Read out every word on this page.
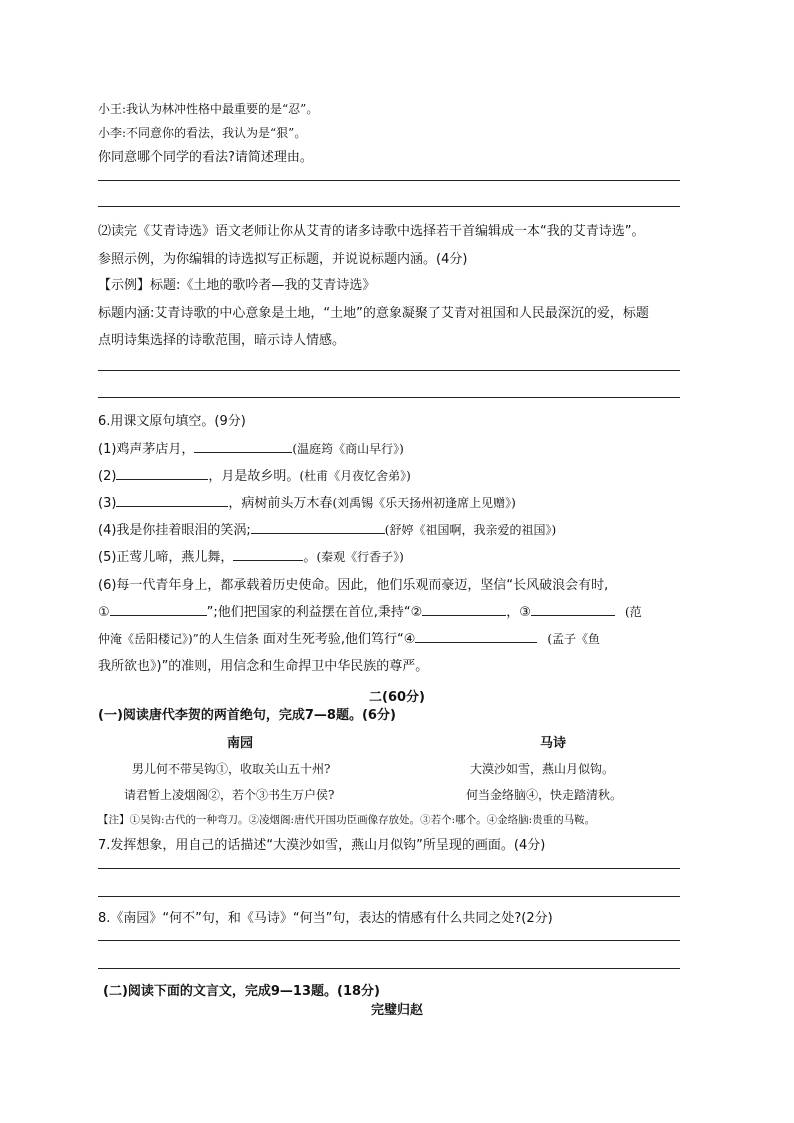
小王:我认为林冲性格中最重要的是“忍”。
小李:不同意你的看法，我认为是“狠”。
你同意哪个同学的看法?请简述理由。
⑵读完《艾青诗选》语文老师让你从艾青的诸多诗歌中选择若干首编辑成一本“我的艾青诗选”。
参照示例，为你编辑的诗选拟写正标题，并说说标题内涵。(4分)
【示例】标题:《土地的歌吟者—我的艾青诗选》
标题内涵:艾青诗歌的中心意象是土地，“土地”的意象凝聚了艾青对祖国和人民最深沉的爱，标题
点明诗集选择的诗歌范围，暗示诗人情感。
6.用课文原句填空。(9分)
(1)鸡声茅店月，	(温庭筠《商山早行》)
(2)	，月是故乡明。(杜甫《月夜忆舍弟》)
(3)	，病树前头万木春(刘禹锡《乐天扬州初逢席上见赠》)
(4)我是你挂着眼泪的笑涡;	(舒婷《祖国啊，我亲爱的祖国》)
(5)正莺儿啼，燕儿舞，	。(秦观《行香子》)
(6)每一代青年身上，都承载着历史使命。因此，他们乐观而豪迈，坚信“长风破浪会有时,
①	”;他们把国家的利益摆在首位,秉持“②	，③	(范
仲淹《岳阳楼记》)”的人生信条 面对生死考验,他们笃行“④	(孟子《鱼
我所欲也》)”的准则，用信念和生命捍卫中华民族的尊严。
二(60分)
(一)阅读唐代李贺的两首绝句，完成7—8题。(6分)
南园	马诗
男儿何不带吴钩①，收取关山五十州?	大漠沙如雪，燕山月似钩。
请君暂上凌烟阁②，若个③书生万户侯?	何当金络脑④，快走踏清秋。
【注】①吴钩:古代的一种弯刀。②凌烟阁:唐代开国功臣画像存放处。③若个:哪个。④金络脑:贵重的马鞍。
7.发挥想象，用自己的话描述“大漠沙如雪，燕山月似钩”所呈现的画面。(4分)
8.《南园》“何不”句，和《马诗》“何当”句，表达的情感有什么共同之处?(2分)
(二)阅读下面的文言文，完成9—13题。(18分)
完璧归赵
